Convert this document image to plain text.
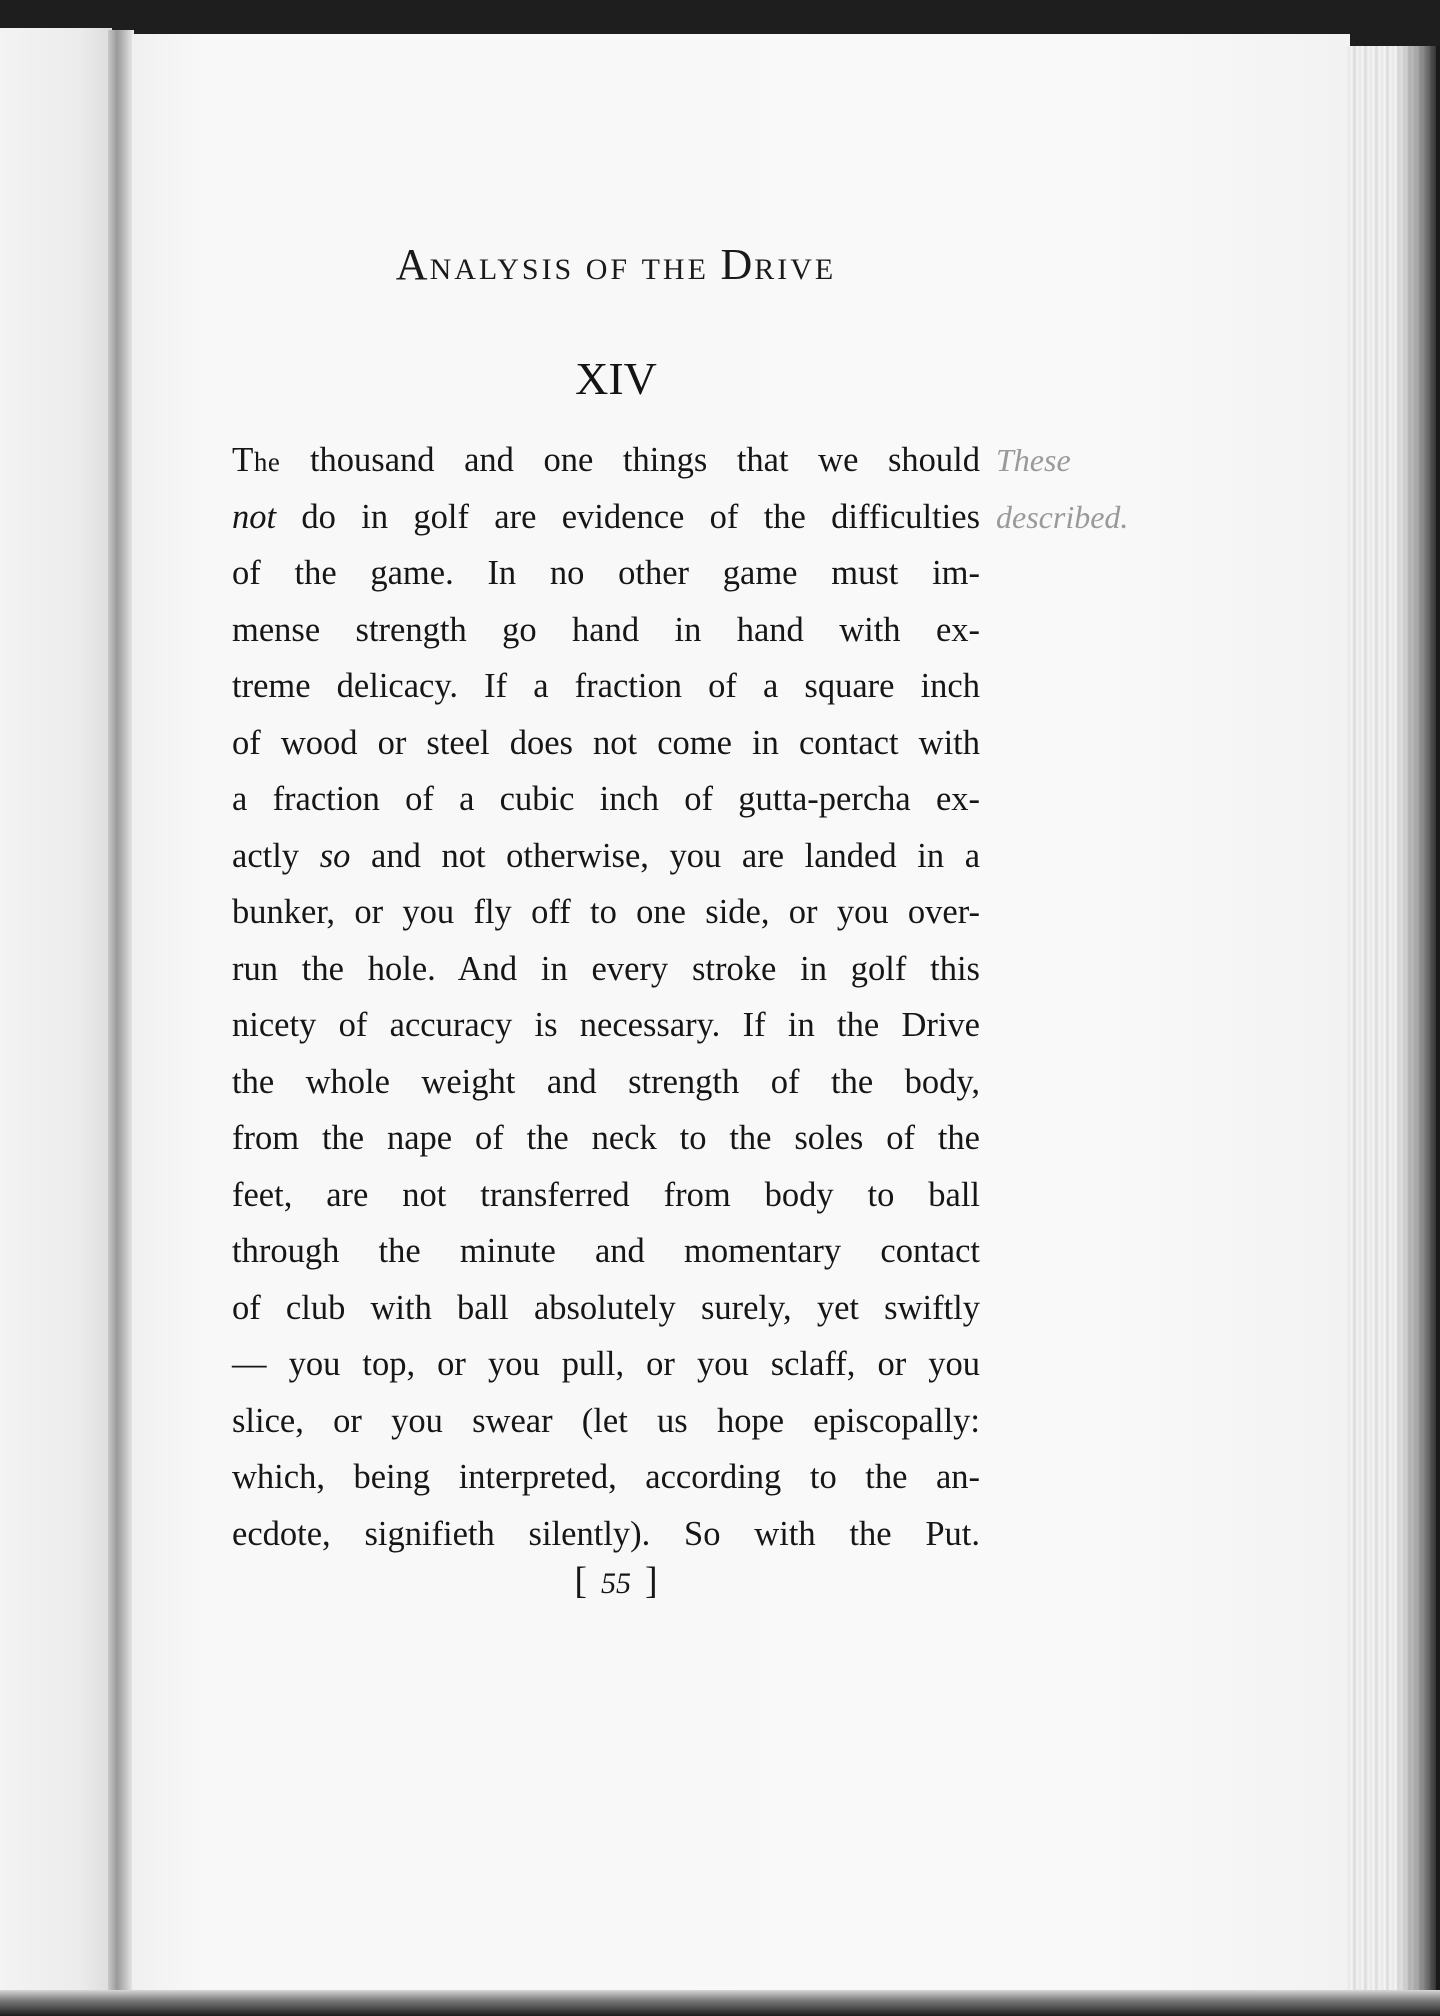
ANALYSIS OF THE DRIVE
XIV
The thousand and one things that we should
not do in golf are evidence of the difficulties
of the game. In no other game must im-
mense strength go hand in hand with ex-
treme delicacy. If a fraction of a square inch
of wood or steel does not come in contact with
a fraction of a cubic inch of gutta-percha ex-
actly so and not otherwise, you are landed in a
bunker, or you fly off to one side, or you over-
run the hole. And in every stroke in golf this
nicety of accuracy is necessary. If in the Drive
the whole weight and strength of the body,
from the nape of the neck to the soles of the
feet, are not transferred from body to ball
through the minute and momentary contact
of club with ball absolutely surely, yet swiftly
— you top, or you pull, or you sclaff, or you
slice, or you swear (let us hope episcopally:
which, being interpreted, according to the an-
ecdote, signifieth silently). So with the Put.
These
described.
[ 55 ]
